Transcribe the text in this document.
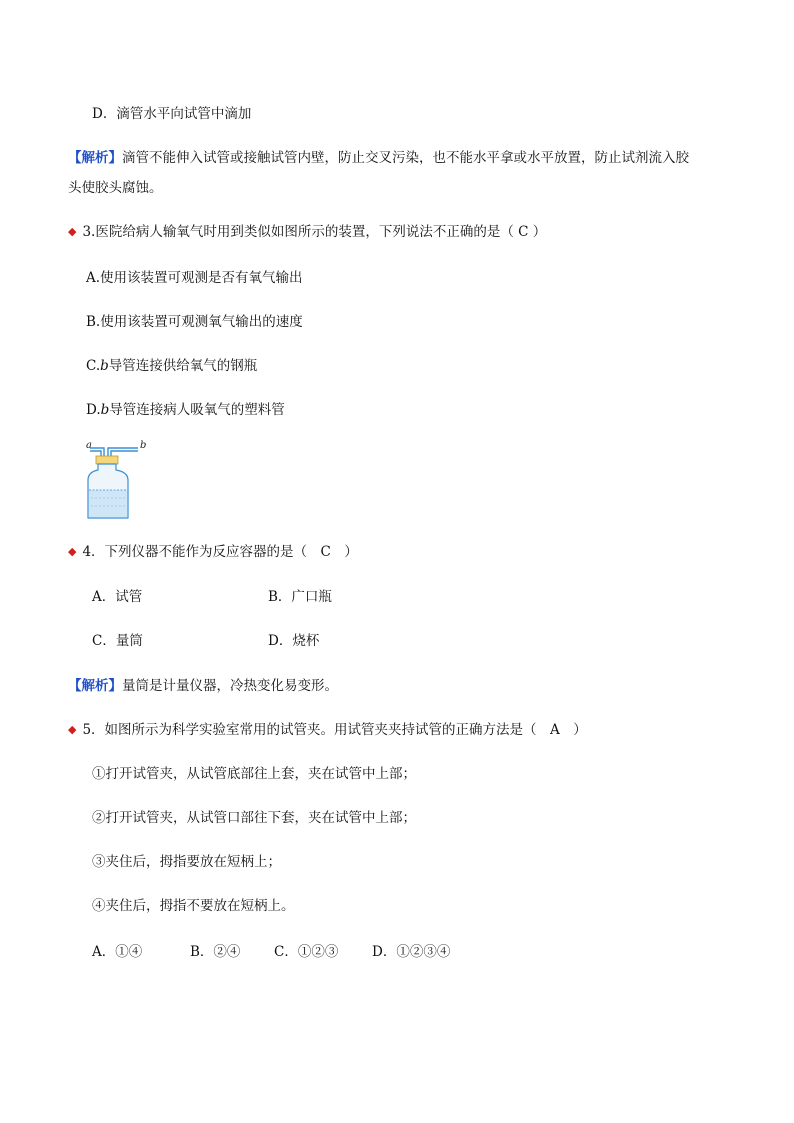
D．滴管水平向试管中滴加
【解析】滴管不能伸入试管或接触试管内壁，防止交叉污染，也不能水平拿或水平放置，防止试剂流入胶
头使胶头腐蚀。
◆ 3.医院给病人输氧气时用到类似如图所示的装置，下列说法不正确的是（ C ）
A.使用该装置可观测是否有氧气输出
B.使用该装置可观测氧气输出的速度
C.b导管连接供给氧气的钢瓶
D.b导管连接病人吸氧气的塑料管
a	b
◆ 4．下列仪器不能作为反应容器的是（　C　）
A．试管	B．广口瓶
C．量筒	D．烧杯
【解析】量筒是计量仪器，冷热变化易变形。
◆ 5．如图所示为科学实验室常用的试管夹。用试管夹夹持试管的正确方法是（　A　）
①打开试管夹，从试管底部往上套，夹在试管中上部；
②打开试管夹，从试管口部往下套，夹在试管中上部；
③夹住后，拇指要放在短柄上；
④夹住后，拇指不要放在短柄上。
A．①④	B．②④ C．①②③ D．①②③④
